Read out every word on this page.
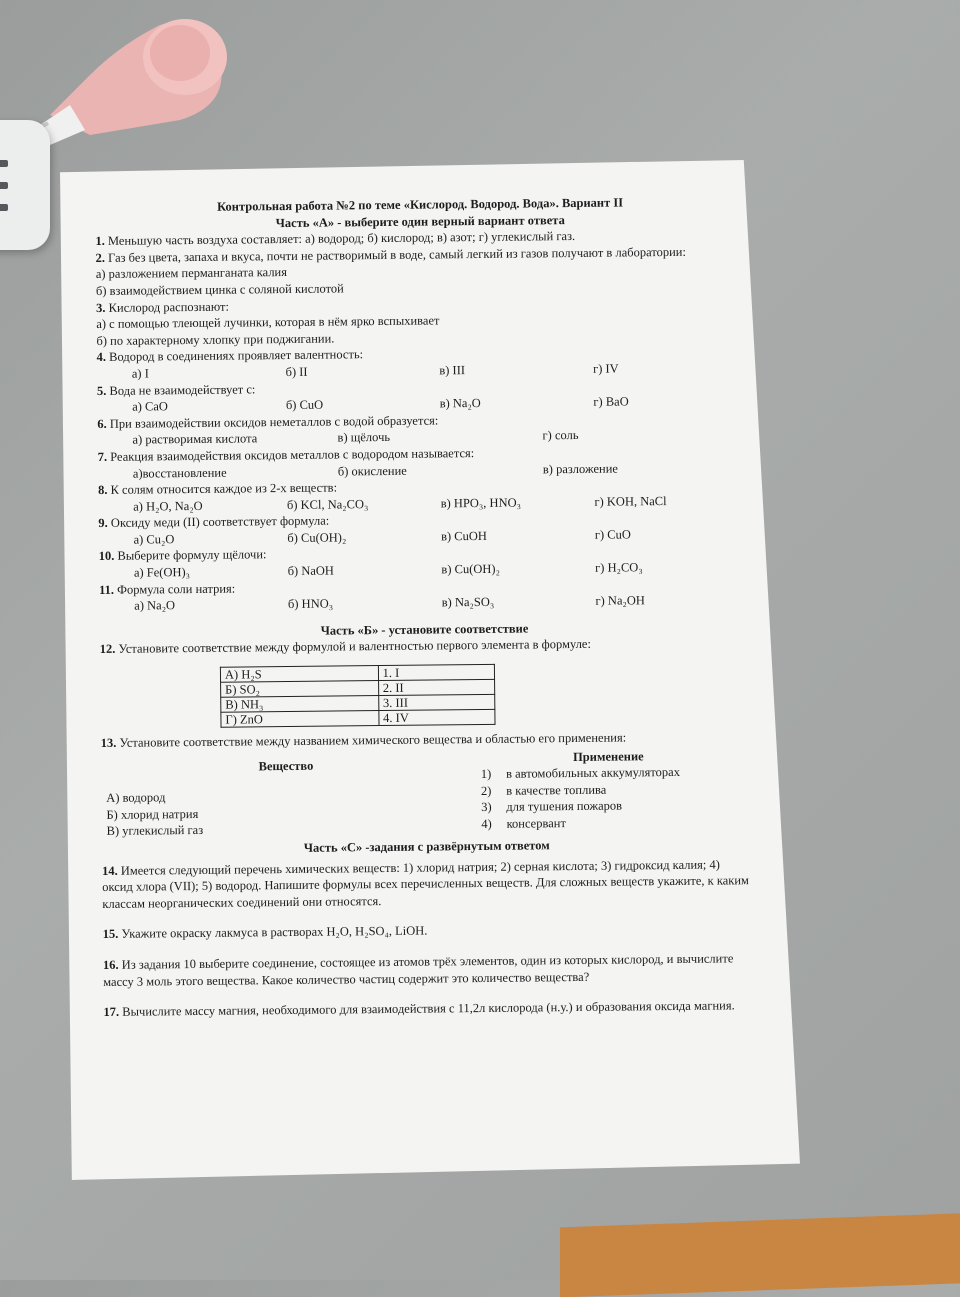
Контрольная работа №2 по теме «Кислород. Водород. Вода». Вариант II
Часть «А» - выберите один верный вариант ответа

1. Меньшую часть воздуха составляет: а) водород; б) кислород; в) азот; г) углекислый газ.

2. Газ без цвета, запаха и вкуса, почти не растворимый в воде, самый легкий из газов получают в лаборатории:

а) разложением перманганата калия

б) взаимодействием цинка с соляной кислотой

3. Кислород распознают:

а) с помощью тлеющей лучинки, которая в нём ярко вспыхивает

б) по характерному хлопку при поджигании.

4. Водород в соединениях проявляет валентность:

а) I	б) II	в) III	г) IV

5. Вода не взаимодействует с:

а) CaO	б) CuO	в) Na₂O	г) BaO

6. При взаимодействии оксидов неметаллов с водой образуется:

а) растворимая кислота	в) щёлочь	г) соль

7. Реакция взаимодействия оксидов металлов с водородом называется:

а)восстановление	б) окисление	в) разложение

8. К солям относится каждое из 2-х веществ:

а) H₂O, Na₂O	б) KCl, Na₂CO₃	в) HPO₃, HNO₃	г) KOH, NaCl

9. Оксиду меди (II) соответствует формула:

а) Cu₂O	б) Cu(OH)₂	в) CuOH	г) CuO

10. Выберите формулу щёлочи:

а) Fe(OH)₃	б) NaOH	в) Cu(OH)₂	г) H₂CO₃

11. Формула соли натрия:

а) Na₂O	б) HNO₃	в) Na₂SO₃	г) Na₂OH
Часть «Б» - установите соответствие

12. Установите соответствие между формулой и валентностью первого элемента в формуле:

А) H₂S	1. I
Б) SO₂	2. II
В) NH₃	3. III
Г) ZnO	4. IV

13. Установите соответствие между названием химического вещества и областью его применения:

Вещество
А) водород
Б) хлорид натрия
В) углекислый газ
Применение
1)	в автомобильных аккумуляторах
2)	в качестве топлива
3)	для тушения пожаров
4)	консервант
Часть «С» -задания с развёрнутым ответом

14. Имеется следующий перечень химических веществ: 1) хлорид натрия; 2) серная кислота; 3) гидроксид калия; 4) оксид хлора (VII); 5) водород. Напишите формулы всех перечисленных веществ. Для сложных веществ укажите, к каким классам неорганических соединений они относятся.

15. Укажите окраску лакмуса в растворах H₂O, H₂SO₄, LiOH.

16. Из задания 10 выберите соединение, состоящее из атомов трёх элементов, один из которых кислород, и вычислите массу 3 моль этого вещества. Какое количество частиц содержит это количество вещества?

17. Вычислите массу магния, необходимого для взаимодействия с 11,2л кислорода (н.у.) и образования оксида магния.
